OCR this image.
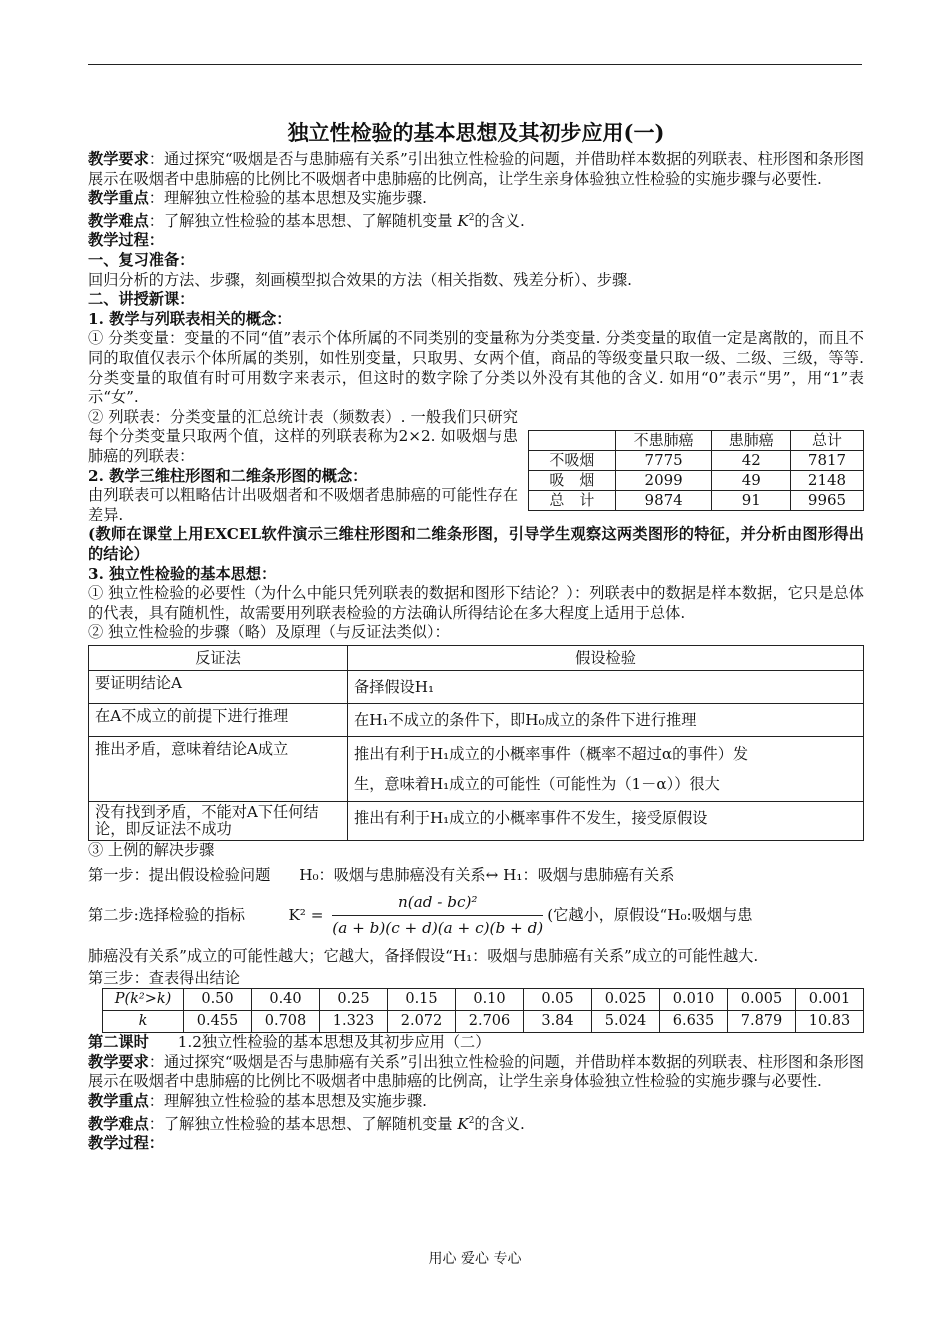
独立性检验的基本思想及其初步应用(一)

教学要求：通过探究“吸烟是否与患肺癌有关系”引出独立性检验的问题，并借助样本数据的列联表、柱形图和条形图展示在吸烟者中患肺癌的比例比不吸烟者中患肺癌的比例高，让学生亲身体验独立性检验的实施步骤与必要性.

教学重点：理解独立性检验的基本思想及实施步骤.

教学难点：了解独立性检验的基本思想、了解随机变量 $K^2$的含义.

教学过程：

一、复习准备：

回归分析的方法、步骤，刻画模型拟合效果的方法（相关指数、残差分析）、步骤.

二、讲授新课：

1. 教学与列联表相关的概念：

① 分类变量：变量的不同“值”表示个体所属的不同类别的变量称为分类变量. 分类变量的取值一定是离散的，而且不同的取值仅表示个体所属的类别，如性别变量，只取男、女两个值，商品的等级变量只取一级、二级、三级，等等. 分类变量的取值有时可用数字来表示，但这时的数字除了分类以外没有其他的含义. 如用“0”表示“男”，用“1”表示“女”.

② 列联表：分类变量的汇总统计表（频数表）. 一般我们只研究每个分类变量只取两个值，这样的列联表称为2×2. 如吸烟与患肺癌的列联表：

2. 教学三维柱形图和二维条形图的概念：

由列联表可以粗略估计出吸烟者和不吸烟者患肺癌的可能性存在差异.

	不患肺癌	患肺癌	总计
不吸烟	7775	42	7817
吸　烟	2099	49	2148
总　计	9874	91	9965

(教师在课堂上用EXCEL软件演示三维柱形图和二维条形图，引导学生观察这两类图形的特征，并分析由图形得出的结论）

3. 独立性检验的基本思想：

① 独立性检验的必要性（为什么中能只凭列联表的数据和图形下结论？）：列联表中的数据是样本数据，它只是总体的代表，具有随机性，故需要用列联表检验的方法确认所得结论在多大程度上适用于总体.

② 独立性检验的步骤（略）及原理（与反证法类似）：

反证法	假设检验
要证明结论A	备择假设H₁
在A不成立的前提下进行推理	在H₁不成立的条件下，即H₀成立的条件下进行推理
推出矛盾，意味着结论A成立	推出有利于H₁成立的小概率事件（概率不超过α的事件）发
生，意味着H₁成立的可能性（可能性为（1－α））很大

没有找到矛盾，不能对A下任何结论，即反证法不成功	推出有利于H₁成立的小概率事件不发生，接受原假设

③ 上例的解决步骤

第一步：提出假设检验问题 H₀：吸烟与患肺癌没有关系↔ H₁：吸烟与患肺癌有关系

第二步:选择检验的指标	$K^2 = \frac{\text{n(ad - bc)²}}{(a + b)(c + d)(a + c)(b + d)}$ (它越小，原假设“H₀:吸烟与患

肺癌没有关系”成立的可能性越大；它越大，备择假设“H₁：吸烟与患肺癌有关系”成立的可能性越大.

第三步：查表得出结论

P(k²>k)	0.50	0.40	0.25	0.15	0.10	0.05	0.025	0.010	0.005	0.001
k	0.455	0.708	1.323	2.072	2.706	3.84	5.024	6.635	7.879	10.83

第二课时 1.2独立性检验的基本思想及其初步应用（二）

教学要求：通过探究“吸烟是否与患肺癌有关系”引出独立性检验的问题，并借助样本数据的列联表、柱形图和条形图展示在吸烟者中患肺癌的比例比不吸烟者中患肺癌的比例高，让学生亲身体验独立性检验的实施步骤与必要性.

教学重点：理解独立性检验的基本思想及实施步骤.

教学难点：了解独立性检验的基本思想、了解随机变量 $K^2$的含义.

教学过程：

用心 爱心 专心
